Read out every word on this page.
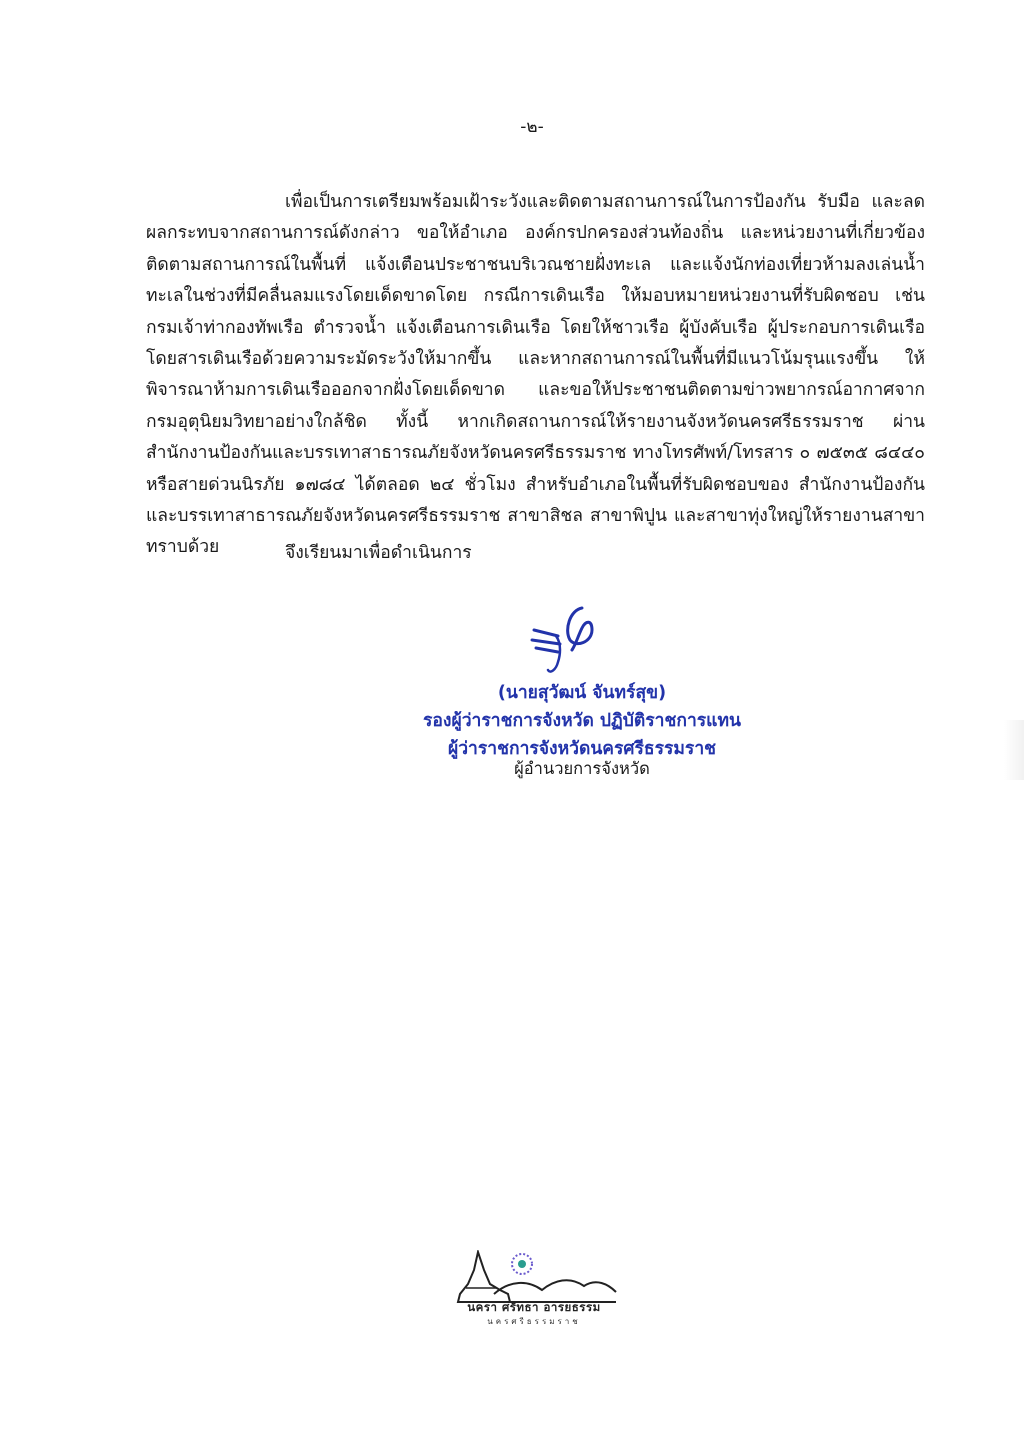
-๒-

เพื่อเป็นการเตรียมพร้อมเฝ้าระวังและติดตามสถานการณ์ในการป้องกัน รับมือ และลดผลกระทบจากสถานการณ์ดังกล่าว ขอให้อำเภอ องค์กรปกครองส่วนท้องถิ่น และหน่วยงานที่เกี่ยวข้อง ติดตามสถานการณ์ในพื้นที่ แจ้งเตือนประชาชนบริเวณชายฝั่งทะเล และแจ้งนักท่องเที่ยวห้ามลงเล่นน้ำทะเลในช่วงที่มีคลื่นลมแรงโดยเด็ดขาดโดย กรณีการเดินเรือ ให้มอบหมายหน่วยงานที่รับผิดชอบ เช่น กรมเจ้าท่ากองทัพเรือ ตำรวจน้ำ แจ้งเตือนการเดินเรือ โดยให้ชาวเรือ ผู้บังคับเรือ ผู้ประกอบการเดินเรือโดยสารเดินเรือด้วยความระมัดระวังให้มากขึ้น และหากสถานการณ์ในพื้นที่มีแนวโน้มรุนแรงขึ้น ให้พิจารณาห้ามการเดินเรือออกจากฝั่งโดยเด็ดขาด และขอให้ประชาชนติดตามข่าวพยากรณ์อากาศจากกรมอุตุนิยมวิทยาอย่างใกล้ชิด ทั้งนี้ หากเกิดสถานการณ์ให้รายงานจังหวัดนครศรีธรรมราช ผ่านสำนักงานป้องกันและบรรเทาสาธารณภัยจังหวัดนครศรีธรรมราช ทางโทรศัพท์/โทรสาร ๐ ๗๕๓๕ ๘๔๔๐ หรือสายด่วนนิรภัย ๑๗๘๔ ได้ตลอด ๒๔ ชั่วโมง สำหรับอำเภอในพื้นที่รับผิดชอบของ สำนักงานป้องกันและบรรเทาสาธารณภัยจังหวัดนครศรีธรรมราช สาขาสิชล สาขาพิปูน และสาขาทุ่งใหญ่ให้รายงานสาขาทราบด้วย	จึงเรียนมาเพื่อดำเนินการ
(นายสุวัฒน์ จันทร์สุข)
รองผู้ว่าราชการจังหวัด ปฏิบัติราชการแทน
ผู้ว่าราชการจังหวัดนครศรีธรรมราช
ผู้อำนวยการจังหวัด
นครา ศรัทธา อารยธรรม
นครศรีธรรมราช
